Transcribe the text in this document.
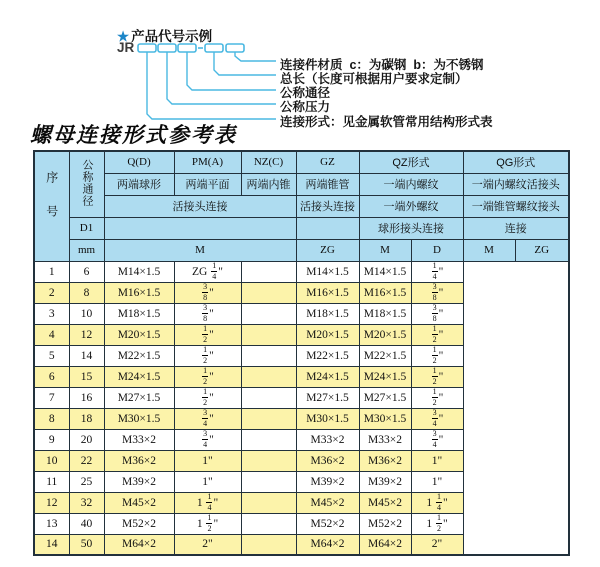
★ 产品代号示例
JR
连接件材质  c：为碳钢  b：为不锈钢
总长（长度可根据用户要求定制）
公称通径
公称压力
连接形式：见金属软管常用结构形式表
螺母连接形式参考表
序号	公称通径	Q(D)	PM(A)	NZ(C)	GZ	QZ形式		QG形式	
		两端球形	两端平面	两端内锥	两端锥管	一端内螺纹		一端内螺纹活接头	
		活接头连接			活接头连接	一端外螺纹		一端锥管螺纹接头	
	D1					球形接头连接		连接	
	mm	M			ZG	M	D	M	ZG
1	6	M14×1.5	ZG $\frac{1}{4}$ "		M14×1.5	M14×1.5	$\frac{1}{4}$ "		
2	8	M16×1.5	$\frac{3}{8}$ "		M16×1.5	M16×1.5	$\frac{3}{8}$ "		
3	10	M18×1.5	$\frac{3}{8}$ "		M18×1.5	M18×1.5	$\frac{3}{8}$ "		
4	12	M20×1.5	$\frac{1}{2}$ "		M20×1.5	M20×1.5	$\frac{1}{2}$ "		
5	14	M22×1.5	$\frac{1}{2}$ "		M22×1.5	M22×1.5	$\frac{1}{2}$ "		
6	15	M24×1.5	$\frac{1}{2}$ "		M24×1.5	M24×1.5	$\frac{1}{2}$ "		
7	16	M27×1.5	$\frac{1}{2}$ "		M27×1.5	M27×1.5	$\frac{1}{2}$ "		
8	18	M30×1.5	$\frac{3}{4}$ "		M30×1.5	M30×1.5	$\frac{3}{4}$ "		
9	20	M33×2	$\frac{3}{4}$ "		M33×2	M33×2	$\frac{3}{4}$ "		
10	22	M36×2	1"		M36×2	M36×2	1"		
11	25	M39×2	1"		M39×2	M39×2	1"		
12	32	M45×2	$1 \frac{1}{4}$ "		M45×2	M45×2	$1 \frac{1}{4}$ "		
13	40	M52×2	$1 \frac{1}{2}$ "		M52×2	M52×2	$1 \frac{1}{2}$ "		
14	50	M64×2	2"		M64×2	M64×2	2"		
